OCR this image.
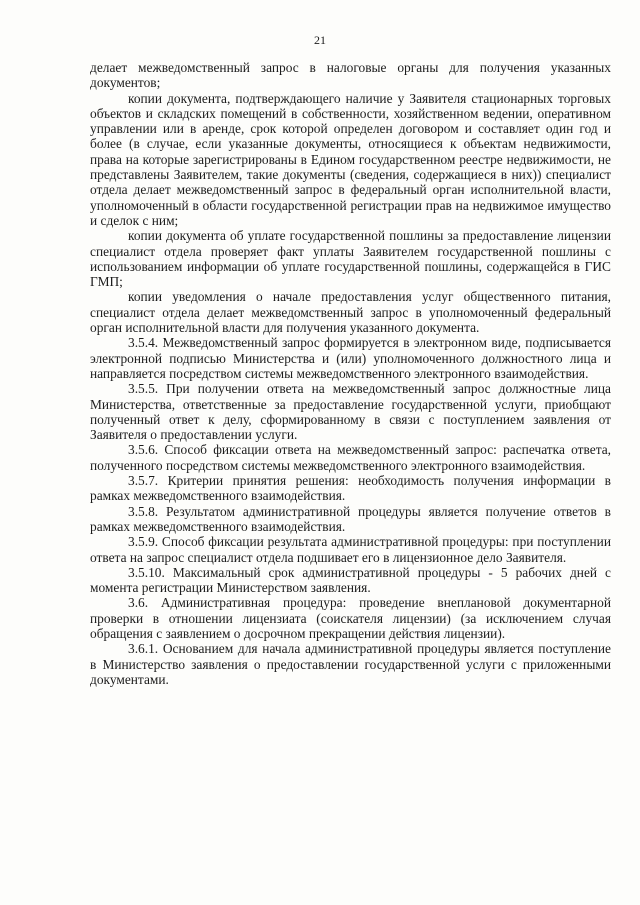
21

делает межведомственный запрос в налоговые органы для получения указанных документов;

копии документа, подтверждающего наличие у Заявителя стационарных торговых объектов и складских помещений в собственности, хозяйственном ведении, оперативном управлении или в аренде, срок которой определен договором и составляет один год и более (в случае, если указанные документы, относящиеся к объектам недвижимости, права на которые зарегистрированы в Едином государственном реестре недвижимости, не представлены Заявителем, такие документы (сведения, содержащиеся в них)) специалист отдела делает межведомственный запрос в федеральный орган исполнительной власти, уполномоченный в области государственной регистрации прав на недвижимое имущество и сделок с ним;

копии документа об уплате государственной пошлины за предоставление лицензии специалист отдела проверяет факт уплаты Заявителем государственной пошлины с использованием информации об уплате государственной пошлины, содержащейся в ГИС ГМП;

копии уведомления о начале предоставления услуг общественного питания, специалист отдела делает межведомственный запрос в уполномоченный федеральный орган исполнительной власти для получения указанного документа.

3.5.4. Межведомственный запрос формируется в электронном виде, подписывается электронной подписью Министерства и (или) уполномоченного должностного лица и направляется посредством системы межведомственного электронного взаимодействия.

3.5.5. При получении ответа на межведомственный запрос должностные лица Министерства, ответственные за предоставление государственной услуги, приобщают полученный ответ к делу, сформированному в связи с поступлением заявления от Заявителя о предоставлении услуги.

3.5.6. Способ фиксации ответа на межведомственный запрос: распечатка ответа, полученного посредством системы межведомственного электронного взаимодействия.

3.5.7. Критерии принятия решения: необходимость получения информации в рамках межведомственного взаимодействия.

3.5.8. Результатом административной процедуры является получение ответов в рамках межведомственного взаимодействия.

3.5.9. Способ фиксации результата административной процедуры: при поступлении ответа на запрос специалист отдела подшивает его в лицензионное дело Заявителя.

3.5.10. Максимальный срок административной процедуры - 5 рабочих дней с момента регистрации Министерством заявления.

3.6. Административная процедура: проведение внеплановой документарной проверки в отношении лицензиата (соискателя лицензии) (за исключением случая обращения с заявлением о досрочном прекращении действия лицензии).

3.6.1. Основанием для начала административной процедуры является поступление в Министерство заявления о предоставлении государственной услуги с приложенными документами.
